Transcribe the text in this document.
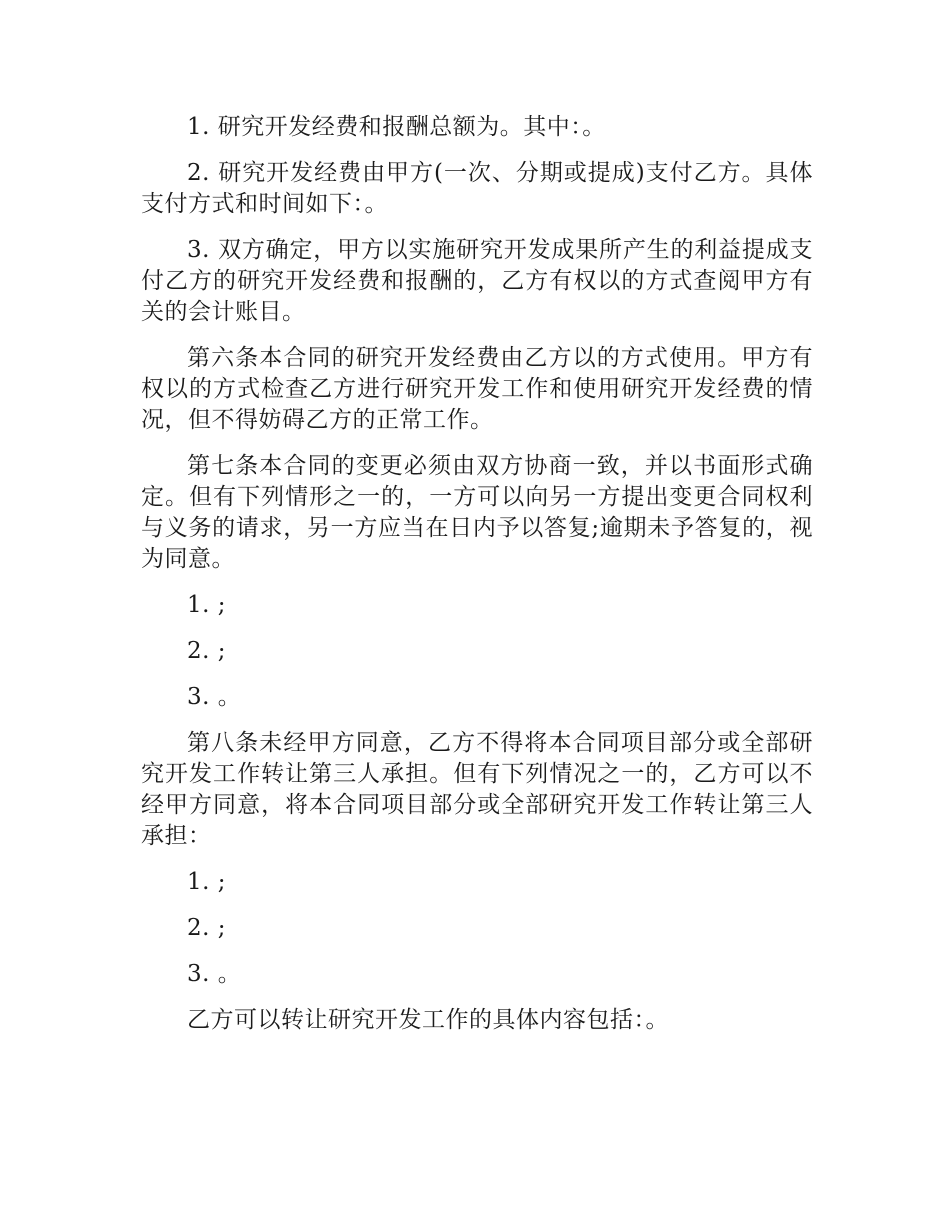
1. 研究开发经费和报酬总额为。其中：。

2. 研究开发经费由甲方(一次、分期或提成)支付乙方。具体支付方式和时间如下：。

3. 双方确定，甲方以实施研究开发成果所产生的利益提成支付乙方的研究开发经费和报酬的，乙方有权以的方式查阅甲方有关的会计账目。

第六条本合同的研究开发经费由乙方以的方式使用。甲方有权以的方式检查乙方进行研究开发工作和使用研究开发经费的情况，但不得妨碍乙方的正常工作。

第七条本合同的变更必须由双方协商一致，并以书面形式确定。但有下列情形之一的，一方可以向另一方提出变更合同权利与义务的请求，另一方应当在日内予以答复;逾期未予答复的，视为同意。

1. ;

2. ;

3. 。

第八条未经甲方同意，乙方不得将本合同项目部分或全部研究开发工作转让第三人承担。但有下列情况之一的，乙方可以不经甲方同意，将本合同项目部分或全部研究开发工作转让第三人承担：

1. ;

2. ;

3. 。

乙方可以转让研究开发工作的具体内容包括：。
